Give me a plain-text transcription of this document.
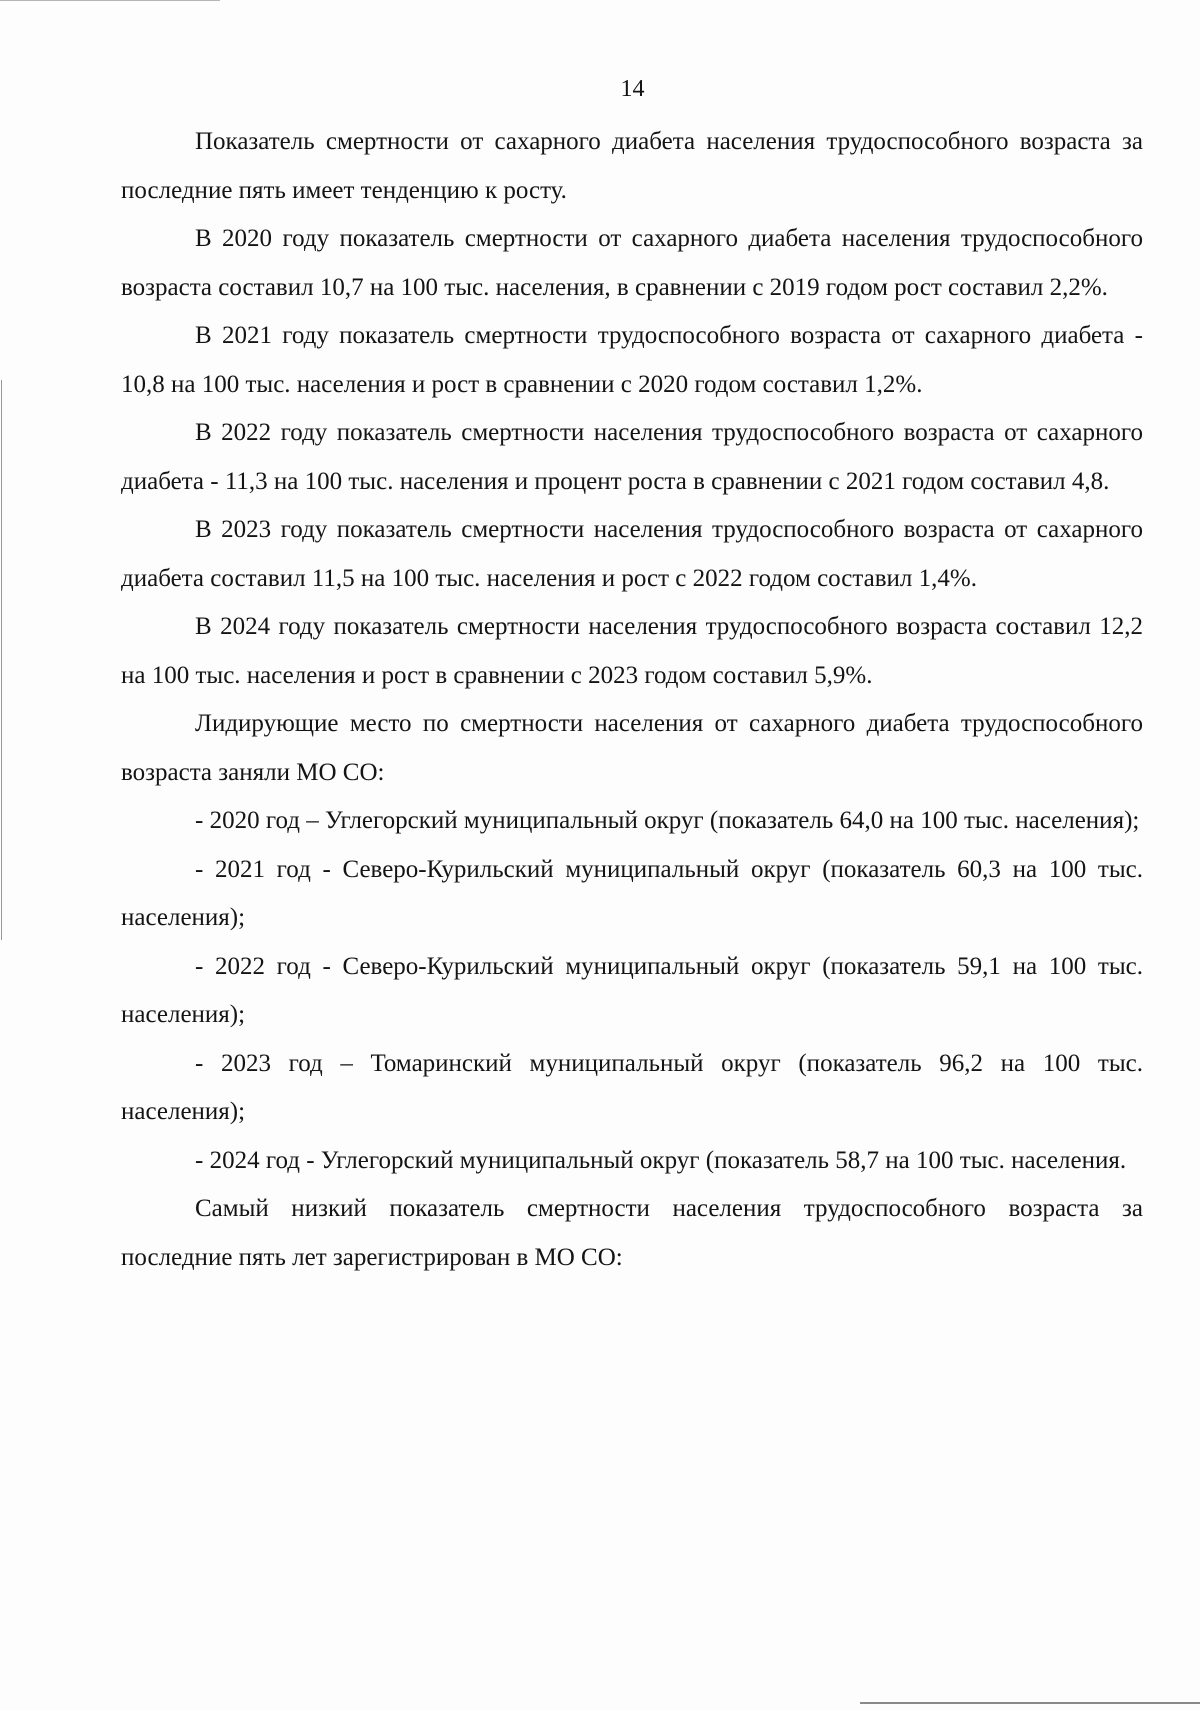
14

Показатель смертности от сахарного диабета населения трудоспособного возраста за последние пять имеет тенденцию к росту.

В 2020 году показатель смертности от сахарного диабета населения трудоспособного возраста составил 10,7 на 100 тыс. населения, в сравнении с 2019 годом рост составил 2,2%.

В 2021 году показатель смертности трудоспособного возраста от сахарного диабета - 10,8 на 100 тыс. населения и рост в сравнении с 2020 годом составил 1,2%.

В 2022 году показатель смертности населения трудоспособного возраста от сахарного диабета - 11,3 на 100 тыс. населения и процент роста в сравнении с 2021 годом составил 4,8.

В 2023 году показатель смертности населения трудоспособного возраста от сахарного диабета составил 11,5 на 100 тыс. населения и рост с 2022 годом составил 1,4%.

В 2024 году показатель смертности населения трудоспособного возраста составил 12,2 на 100 тыс. населения и рост в сравнении с 2023 годом составил 5,9%.

Лидирующие место по смертности населения от сахарного диабета трудоспособного возраста заняли МО СО:

- 2020 год – Углегорский муниципальный округ (показатель 64,0 на 100 тыс. населения);

- 2021 год - Северо-Курильский муниципальный округ (показатель 60,3 на 100 тыс. населения);

- 2022 год - Северо-Курильский муниципальный округ (показатель 59,1 на 100 тыс. населения);

- 2023 год – Томаринский муниципальный округ (показатель 96,2 на 100 тыс. населения);

- 2024 год - Углегорский муниципальный округ (показатель 58,7 на 100 тыс. населения.

Самый низкий показатель смертности населения трудоспособного возраста за последние пять лет зарегистрирован в МО СО:
